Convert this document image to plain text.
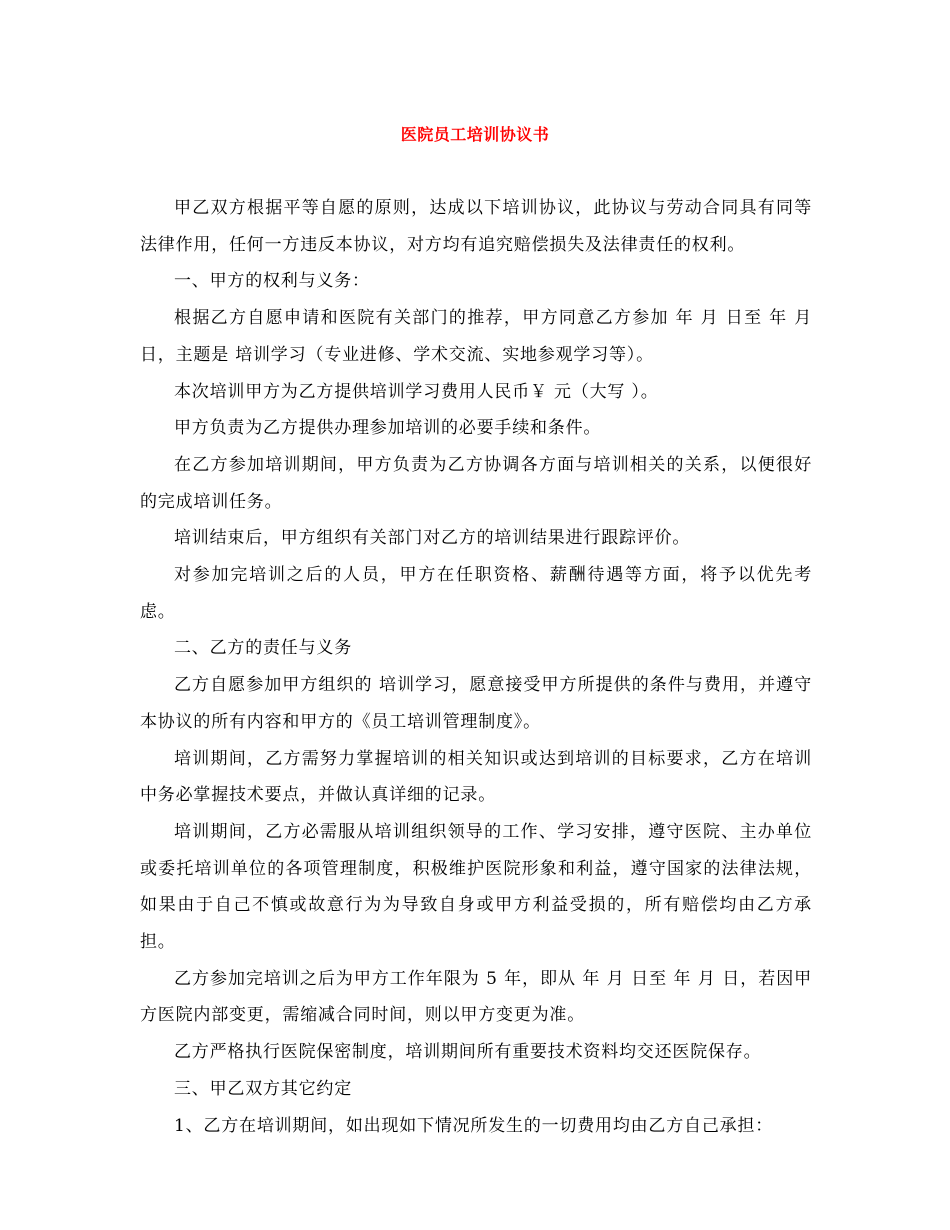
医院员工培训协议书

甲乙双方根据平等自愿的原则，达成以下培训协议，此协议与劳动合同具有同等法律作用，任何一方违反本协议，对方均有追究赔偿损失及法律责任的权利。

一、甲方的权利与义务：

根据乙方自愿申请和医院有关部门的推荐，甲方同意乙方参加 年 月 日至 年 月 日，主题是 培训学习（专业进修、学术交流、实地参观学习等）。

本次培训甲方为乙方提供培训学习费用人民币￥ 元（大写 ）。

甲方负责为乙方提供办理参加培训的必要手续和条件。

在乙方参加培训期间，甲方负责为乙方协调各方面与培训相关的关系，以便很好的完成培训任务。

培训结束后，甲方组织有关部门对乙方的培训结果进行跟踪评价。

对参加完培训之后的人员，甲方在任职资格、薪酬待遇等方面，将予以优先考虑。

二、乙方的责任与义务

乙方自愿参加甲方组织的 培训学习，愿意接受甲方所提供的条件与费用，并遵守本协议的所有内容和甲方的《员工培训管理制度》。

培训期间，乙方需努力掌握培训的相关知识或达到培训的目标要求，乙方在培训中务必掌握技术要点，并做认真详细的记录。

培训期间，乙方必需服从培训组织领导的工作、学习安排，遵守医院、主办单位或委托培训单位的各项管理制度，积极维护医院形象和利益，遵守国家的法律法规，如果由于自己不慎或故意行为为导致自身或甲方利益受损的，所有赔偿均由乙方承担。

乙方参加完培训之后为甲方工作年限为 5 年，即从 年 月 日至 年 月 日，若因甲方医院内部变更，需缩减合同时间，则以甲方变更为准。

乙方严格执行医院保密制度，培训期间所有重要技术资料均交还医院保存。

三、甲乙双方其它约定

1、乙方在培训期间，如出现如下情况所发生的一切费用均由乙方自己承担：
